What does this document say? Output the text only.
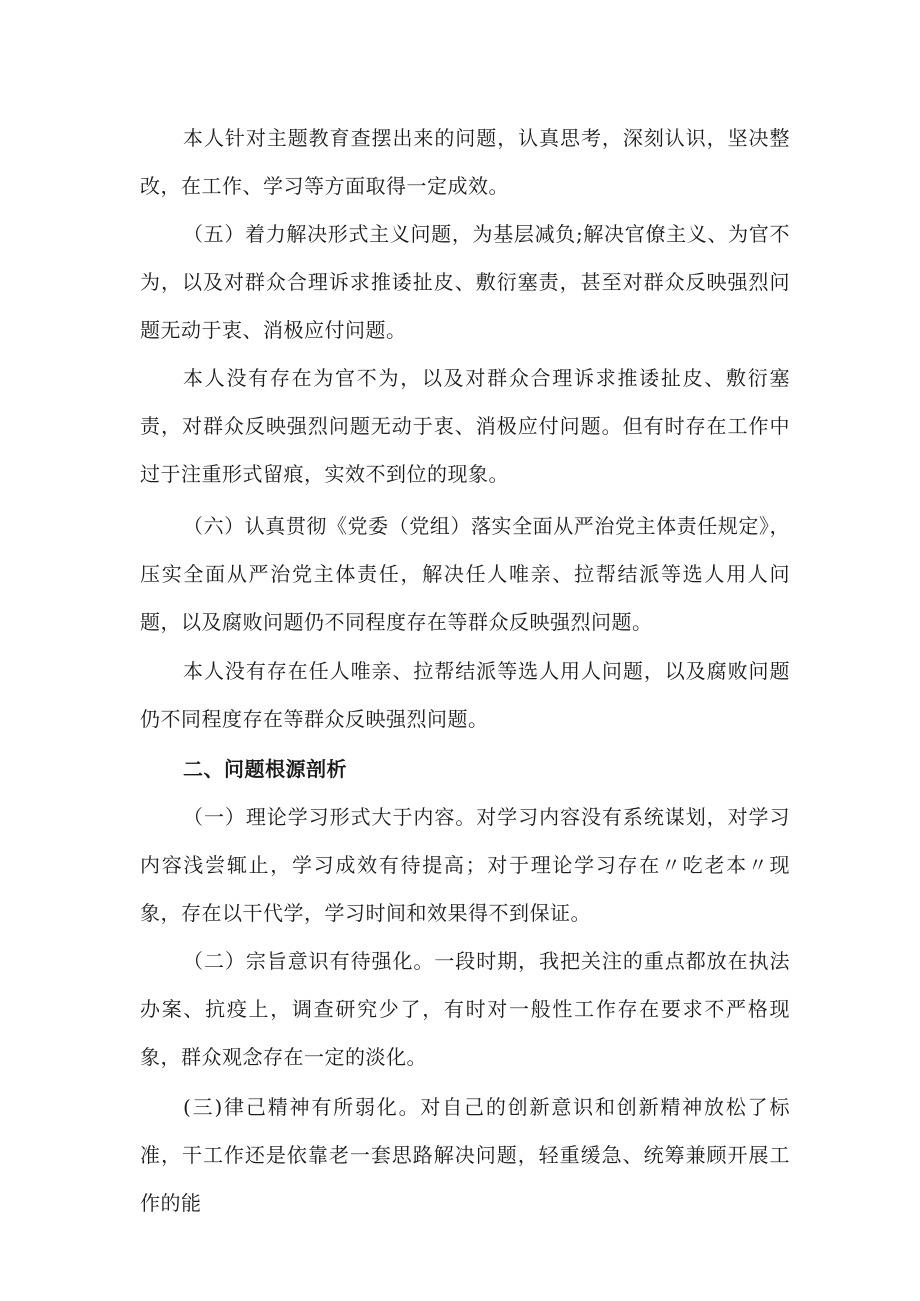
本人针对主题教育查摆出来的问题，认真思考，深刻认识，坚决整改，在工作、学习等方面取得一定成效。

（五）着力解决形式主义问题，为基层减负;解决官僚主义、为官不为，以及对群众合理诉求推诿扯皮、敷衍塞责，甚至对群众反映强烈问题无动于衷、消极应付问题。

本人没有存在为官不为，以及对群众合理诉求推诿扯皮、敷衍塞责，对群众反映强烈问题无动于衷、消极应付问题。但有时存在工作中过于注重形式留痕，实效不到位的现象。

（六）认真贯彻《党委（党组）落实全面从严治党主体责任规定》，压实全面从严治党主体责任，解决任人唯亲、拉帮结派等选人用人问题，以及腐败问题仍不同程度存在等群众反映强烈问题。

本人没有存在任人唯亲、拉帮结派等选人用人问题，以及腐败问题仍不同程度存在等群众反映强烈问题。

二、问题根源剖析

（一）理论学习形式大于内容。对学习内容没有系统谋划，对学习内容浅尝辄止，学习成效有待提高；对于理论学习存在〃吃老本〃现象，存在以干代学，学习时间和效果得不到保证。

（二）宗旨意识有待强化。一段时期，我把关注的重点都放在执法办案、抗疫上，调查研究少了，有时对一般性工作存在要求不严格现象，群众观念存在一定的淡化。

(三)律己精神有所弱化。对自己的创新意识和创新精神放松了标准，干工作还是依靠老一套思路解决问题，轻重缓急、统筹兼顾开展工作的能
